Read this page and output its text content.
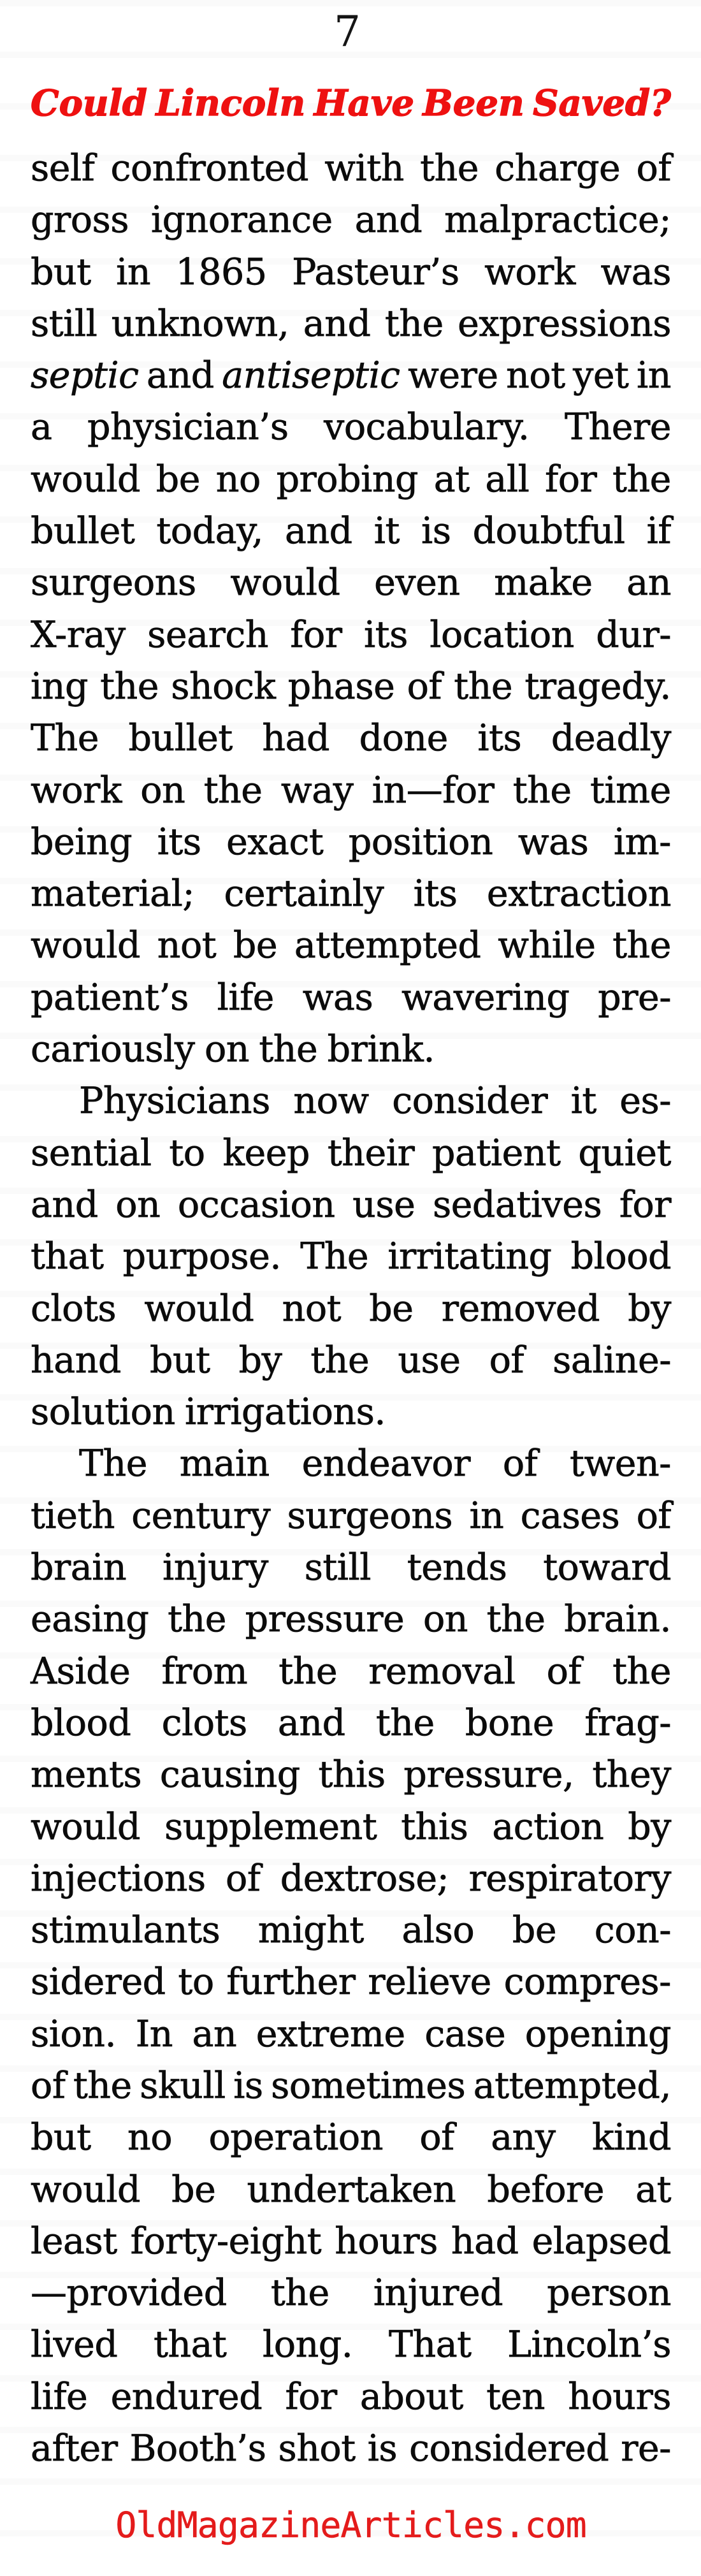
7
Could Lincoln Have Been Saved?
self confronted with the charge of
gross ignorance and malpractice;
but in 1865 Pasteur’s work was
still unknown, and the expressions
septic and antiseptic were not yet in
a physician’s vocabulary. There
would be no probing at all for the
bullet today, and it is doubtful if
surgeons would even make an
X-ray search for its location dur-
ing the shock phase of the tragedy.
The bullet had done its deadly
work on the way in—for the time
being its exact position was im-
material; certainly its extraction
would not be attempted while the
patient’s life was wavering pre-
cariously on the brink.
Physicians now consider it es-
sential to keep their patient quiet
and on occasion use sedatives for
that purpose. The irritating blood
clots would not be removed by
hand but by the use of saline-
solution irrigations.
The main endeavor of twen-
tieth century surgeons in cases of
brain injury still tends toward
easing the pressure on the brain.
Aside from the removal of the
blood clots and the bone frag-
ments causing this pressure, they
would supplement this action by
injections of dextrose; respiratory
stimulants might also be con-
sidered to further relieve compres-
sion. In an extreme case opening
of the skull is sometimes attempted,
but no operation of any kind
would be undertaken before at
least forty-eight hours had elapsed
—provided the injured person
lived that long. That Lincoln’s
life endured for about ten hours
after Booth’s shot is considered re-
OldMagazineArticles.com
